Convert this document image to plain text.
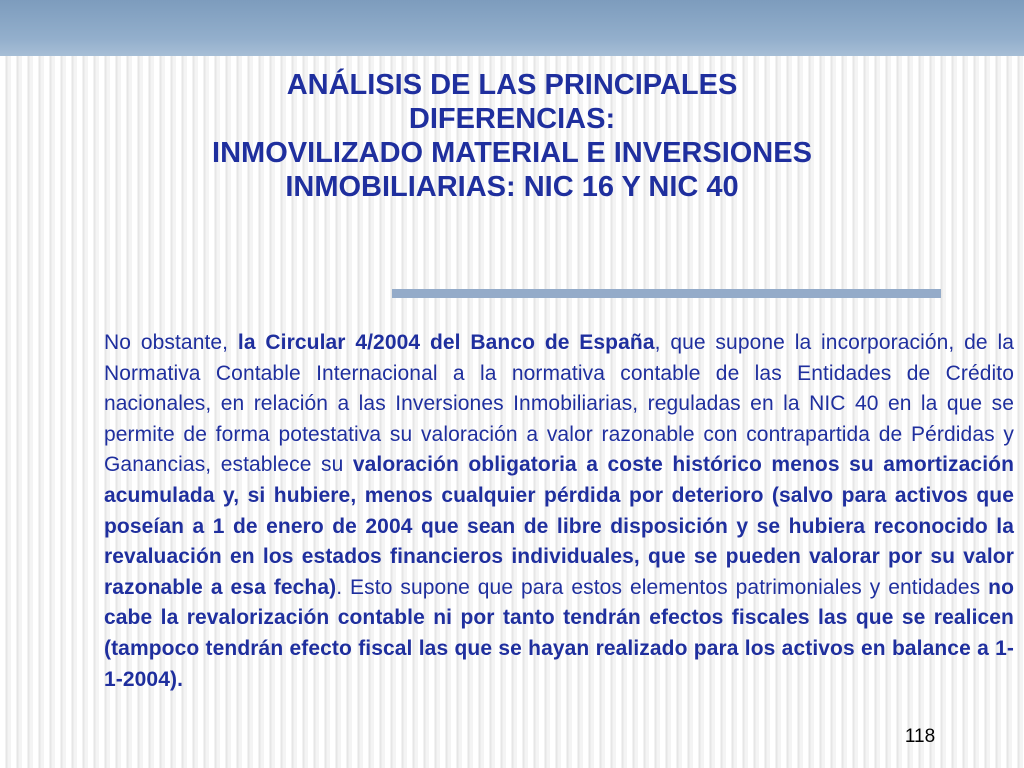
ANÁLISIS DE LAS PRINCIPALES
DIFERENCIAS:
INMOVILIZADO MATERIAL E INVERSIONES
INMOBILIARIAS: NIC 16 Y NIC 40

No obstante, la Circular 4/2004 del Banco de España, que supone la incorporación, de la Normativa Contable Internacional a la normativa contable de las Entidades de Crédito nacionales, en relación a las Inversiones Inmobiliarias, reguladas en la NIC 40 en la que se permite de forma potestativa su valoración a valor razonable con contrapartida de Pérdidas y Ganancias, establece su valoración obligatoria a coste histórico menos su amortización acumulada y, si hubiere, menos cualquier pérdida por deterioro (salvo para activos que poseían a 1 de enero de 2004 que sean de libre disposición y se hubiera reconocido la revaluación en los estados financieros individuales, que se pueden valorar por su valor razonable a esa fecha). Esto supone que para estos elementos patrimoniales y entidades no cabe la revalorización contable ni por tanto tendrán efectos fiscales las que se realicen (tampoco tendrán efecto fiscal las que se hayan realizado para los activos en balance a 1-1-2004).

118
